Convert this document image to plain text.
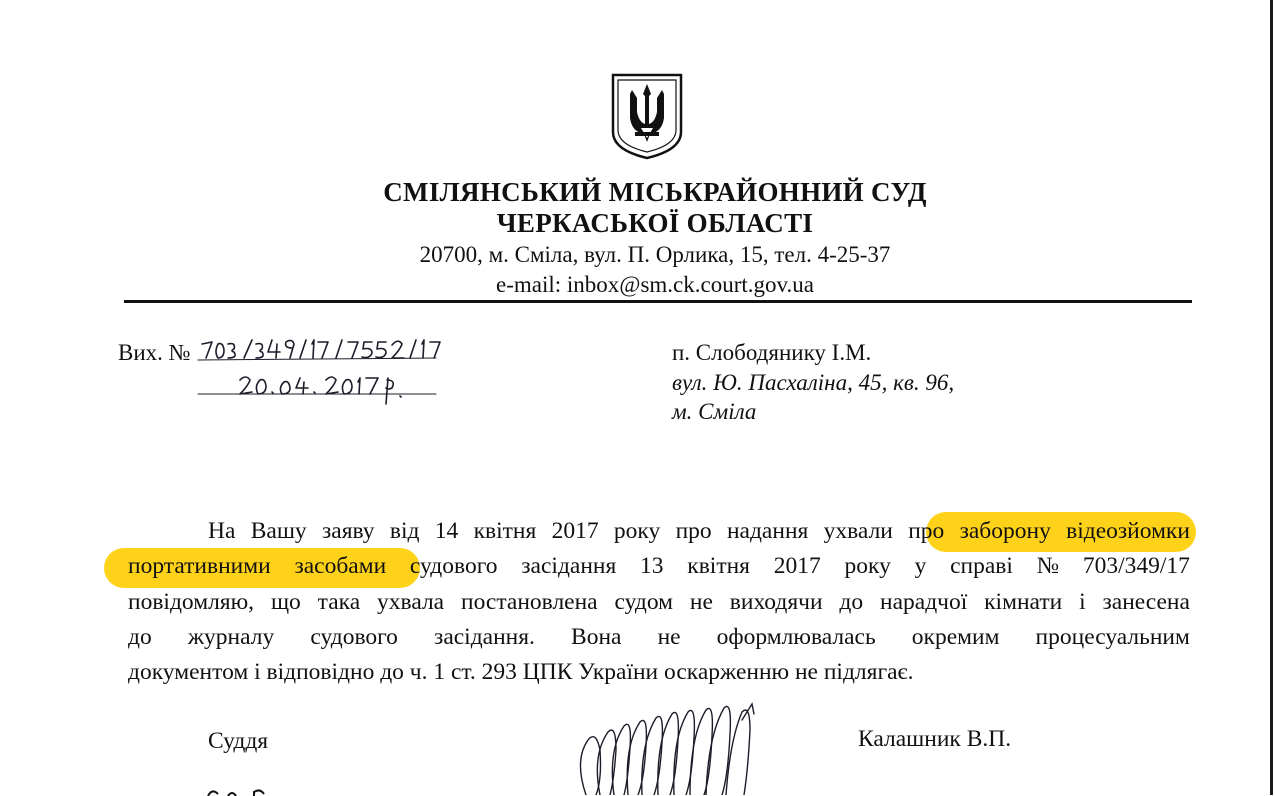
СМІЛЯНСЬКИЙ МІСЬКРАЙОННИЙ СУД
ЧЕРКАСЬКОЇ ОБЛАСТІ
20700, м. Сміла, вул. П. Орлика, 15, тел. 4-25-37
e-mail: inbox@sm.ck.court.gov.ua
Вих. №	п. Слободянику І.М.
вул. Ю. Пасхаліна, 45, кв. 96,
м. Сміла
На Вашу заяву від 14 квітня 2017 року про надання ухвали про заборону відеозйомки
портативними засобами судового засідання 13 квітня 2017 року у справі № 703/349/17
повідомляю, що така ухвала постановлена судом не виходячи до нарадчої кімнати і занесена
до журналу судового засідання. Вона не оформлювалась окремим процесуальним
документом і відповідно до ч. 1 ст. 293 ЦПК України оскарженню не підлягає.
Суддя	Калашник В.П.
